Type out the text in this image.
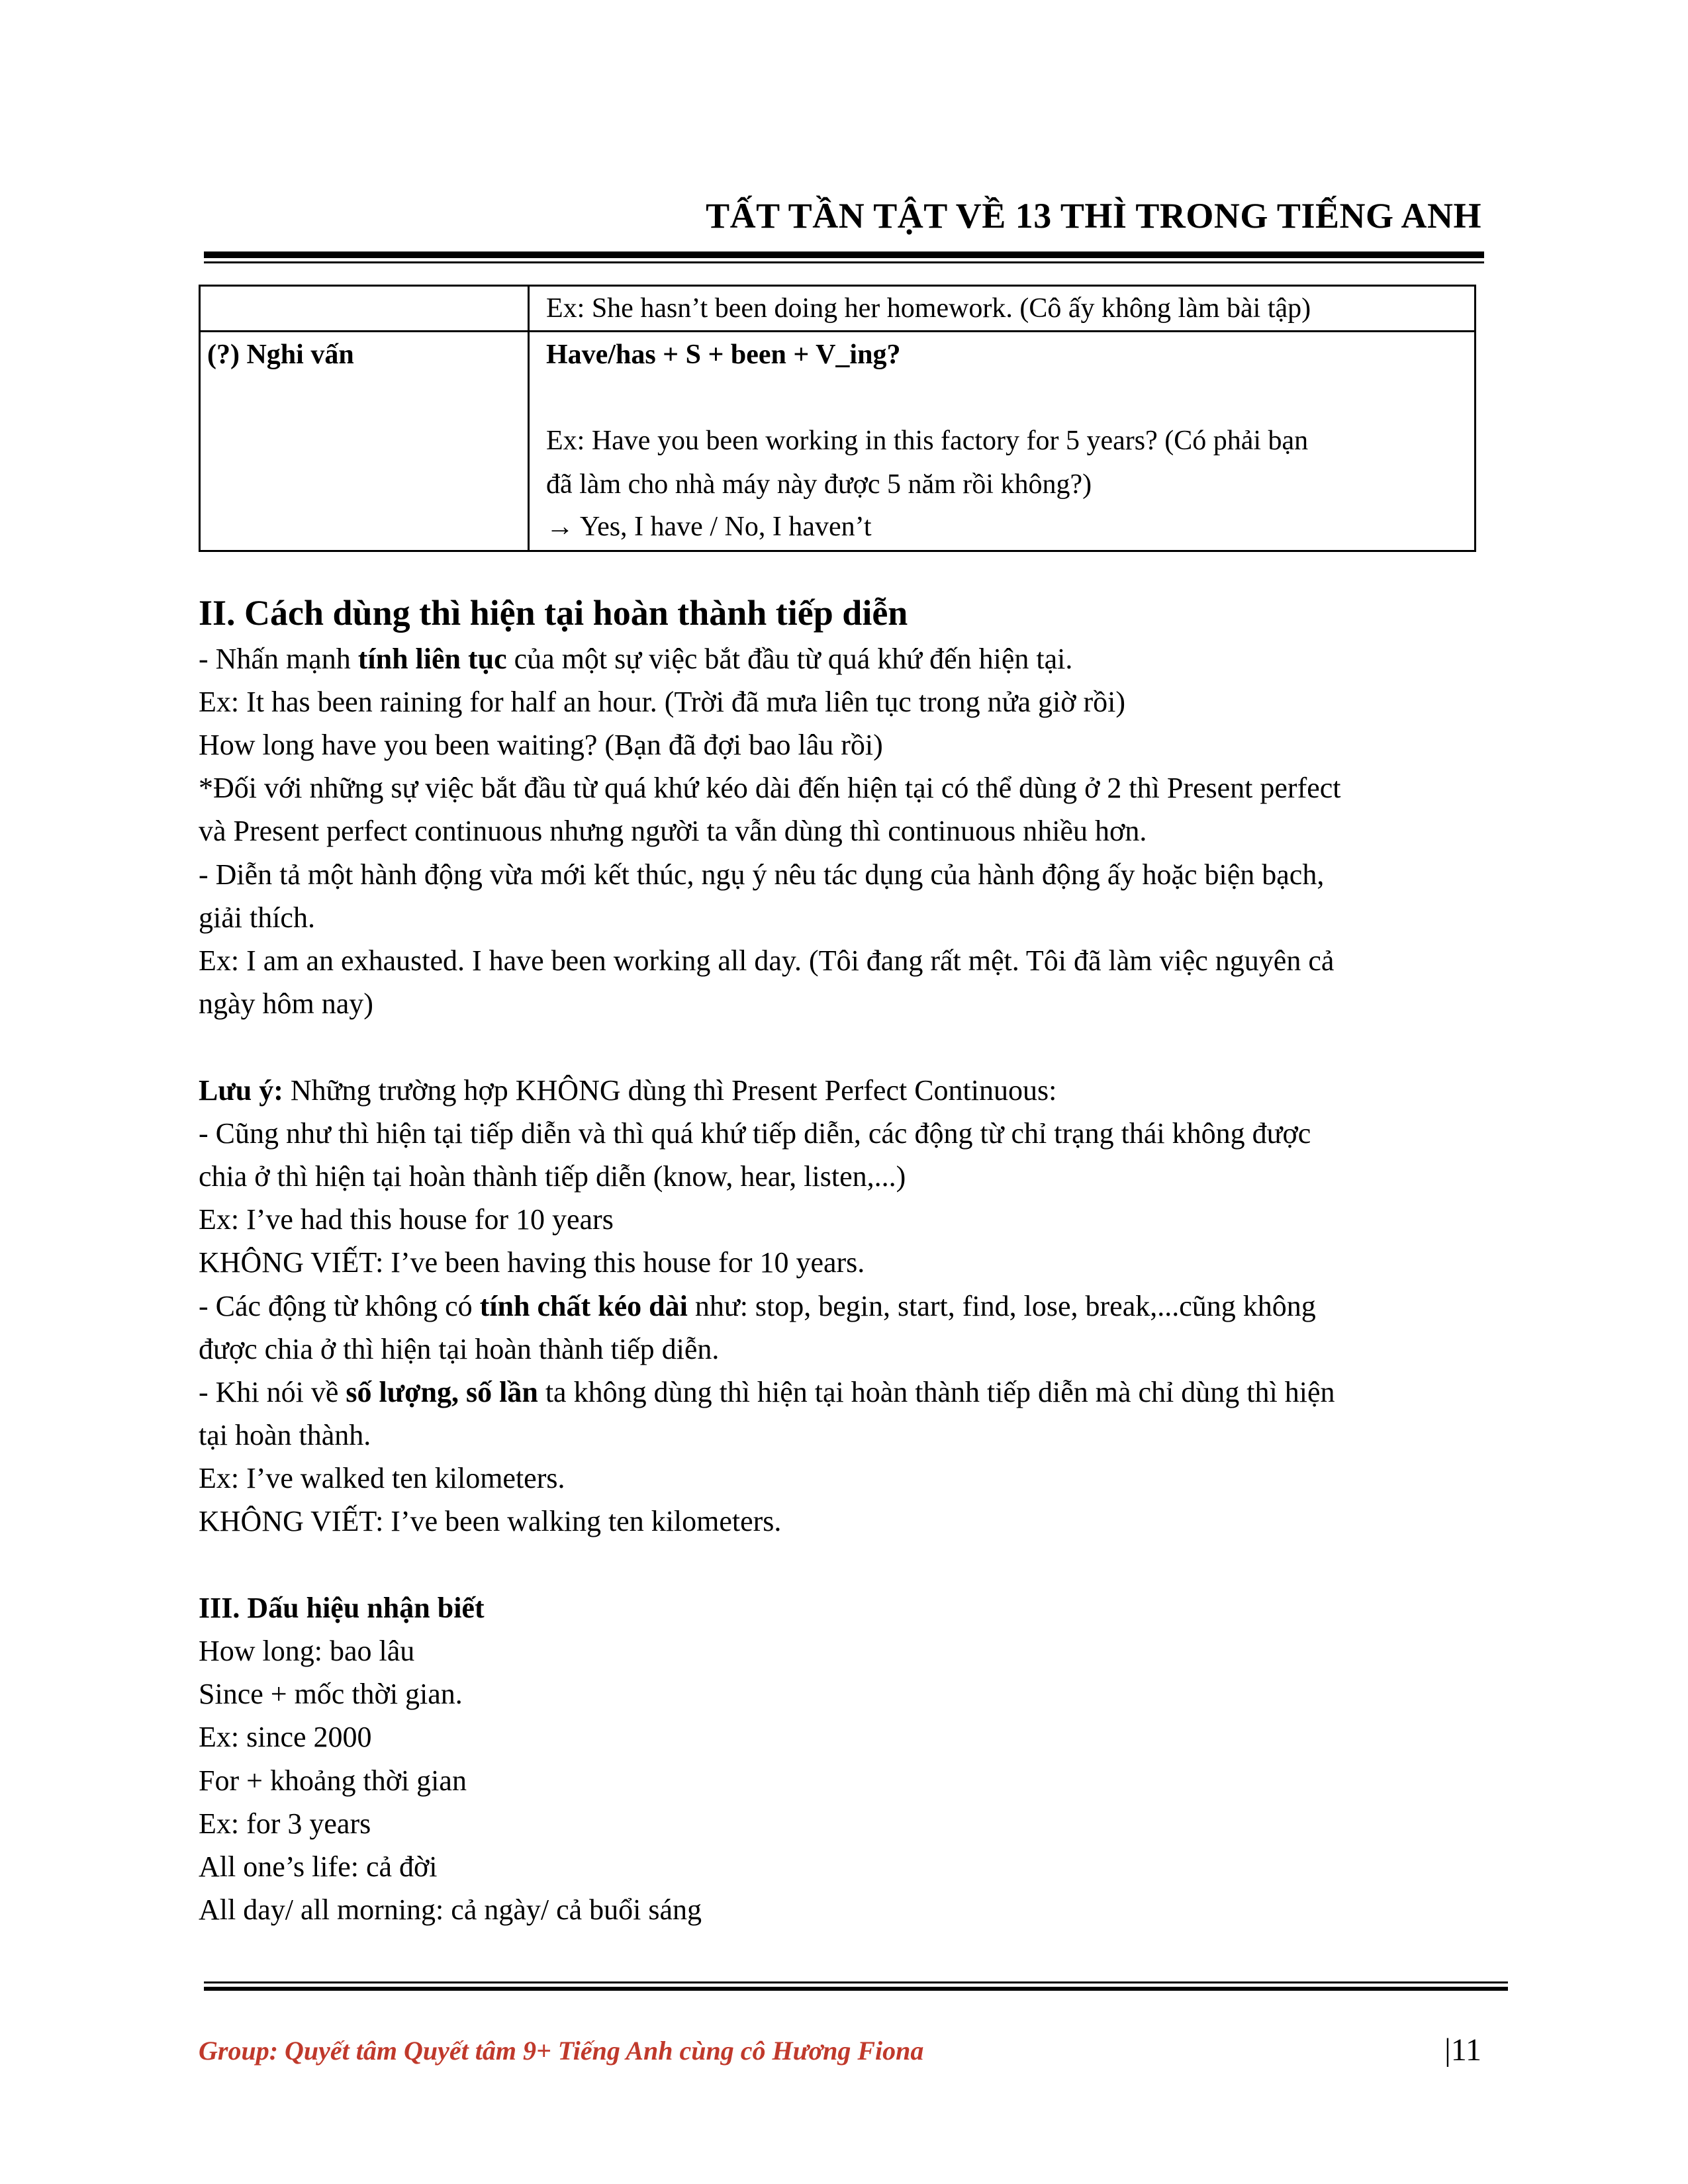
TẤT TẦN TẬT VỀ 13 THÌ TRONG TIẾNG ANH
Ex: She hasn’t been doing her homework. (Cô ấy không làm bài tập)
(?) Nghi vấn	Have/has + S + been + V_ing?
Ex: Have you been working in this factory for 5 years? (Có phải bạn
đã làm cho nhà máy này được 5 năm rồi không?)
→ Yes, I have / No, I haven’t
II. Cách dùng thì hiện tại hoàn thành tiếp diễn
- Nhấn mạnh tính liên tục của một sự việc bắt đầu từ quá khứ đến hiện tại.
Ex: It has been raining for half an hour. (Trời đã mưa liên tục trong nửa giờ rồi)
How long have you been waiting? (Bạn đã đợi bao lâu rồi)
*Đối với những sự việc bắt đầu từ quá khứ kéo dài đến hiện tại có thể dùng ở 2 thì Present perfect
và Present perfect continuous nhưng người ta vẫn dùng thì continuous nhiều hơn.
- Diễn tả một hành động vừa mới kết thúc, ngụ ý nêu tác dụng của hành động ấy hoặc biện bạch,
giải thích.
Ex: I am an exhausted. I have been working all day. (Tôi đang rất mệt. Tôi đã làm việc nguyên cả
ngày hôm nay)
Lưu ý: Những trường hợp KHÔNG dùng thì Present Perfect Continuous:
- Cũng như thì hiện tại tiếp diễn và thì quá khứ tiếp diễn, các động từ chỉ trạng thái không được
chia ở thì hiện tại hoàn thành tiếp diễn (know, hear, listen,...)
Ex: I’ve had this house for 10 years
KHÔNG VIẾT: I’ve been having this house for 10 years.
- Các động từ không có tính chất kéo dài như: stop, begin, start, find, lose, break,...cũng không
được chia ở thì hiện tại hoàn thành tiếp diễn.
- Khi nói về số lượng, số lần ta không dùng thì hiện tại hoàn thành tiếp diễn mà chỉ dùng thì hiện
tại hoàn thành.
Ex: I’ve walked ten kilometers.
KHÔNG VIẾT: I’ve been walking ten kilometers.
III. Dấu hiệu nhận biết
How long: bao lâu
Since + mốc thời gian.
Ex: since 2000
For + khoảng thời gian
Ex: for 3 years
All one’s life: cả đời
All day/ all morning: cả ngày/ cả buổi sáng
Group: Quyết tâm Quyết tâm 9+ Tiếng Anh cùng cô Hương Fiona	|11
